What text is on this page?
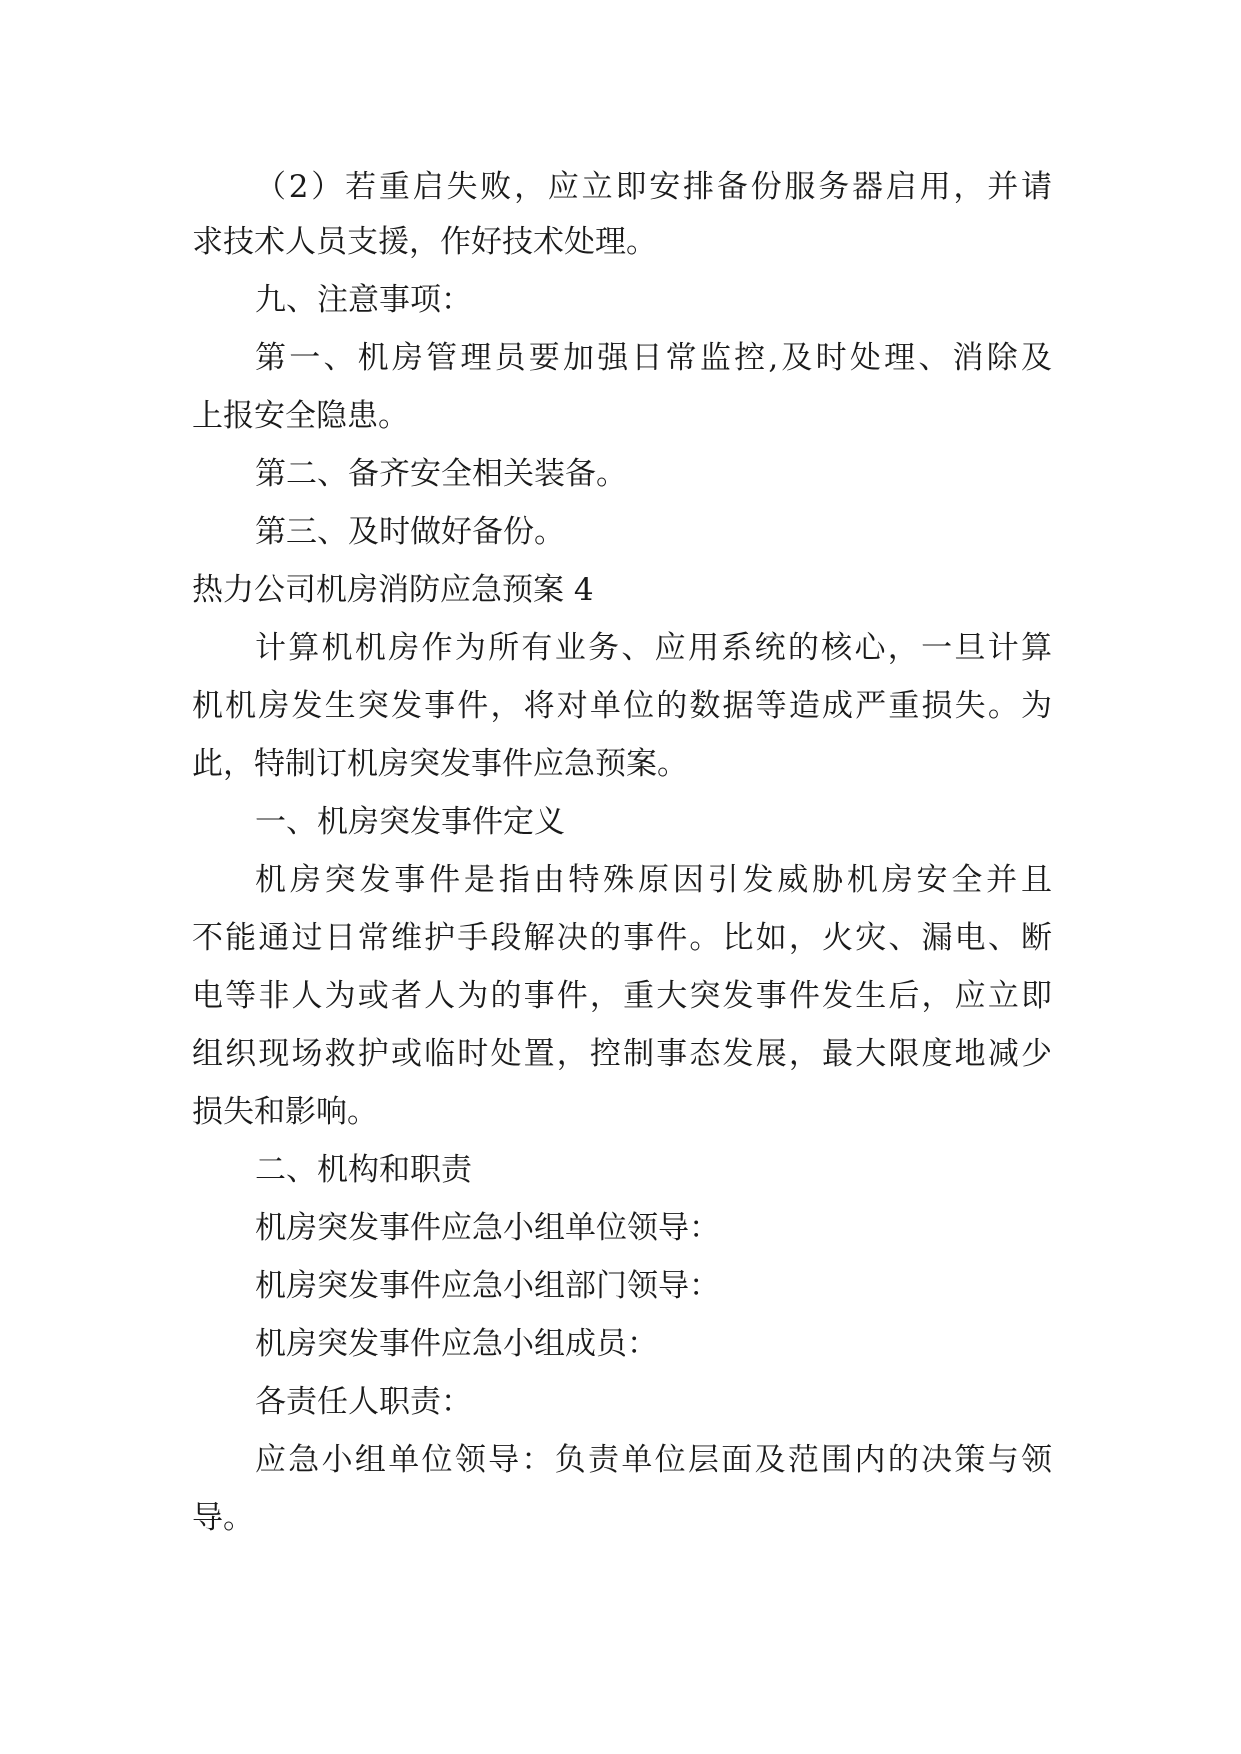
（2）若重启失败，应立即安排备份服务器启用，并请
求技术人员支援，作好技术处理。
九、注意事项：
第一、机房管理员要加强日常监控,及时处理、消除及
上报安全隐患。
第二、备齐安全相关装备。
第三、及时做好备份。
热力公司机房消防应急预案 4
计算机机房作为所有业务、应用系统的核心，一旦计算
机机房发生突发事件，将对单位的数据等造成严重损失。为
此，特制订机房突发事件应急预案。
一、机房突发事件定义
机房突发事件是指由特殊原因引发威胁机房安全并且
不能通过日常维护手段解决的事件。比如，火灾、漏电、断
电等非人为或者人为的事件，重大突发事件发生后，应立即
组织现场救护或临时处置，控制事态发展，最大限度地减少
损失和影响。
二、机构和职责
机房突发事件应急小组单位领导：
机房突发事件应急小组部门领导：
机房突发事件应急小组成员：
各责任人职责：
应急小组单位领导：负责单位层面及范围内的决策与领
导。
